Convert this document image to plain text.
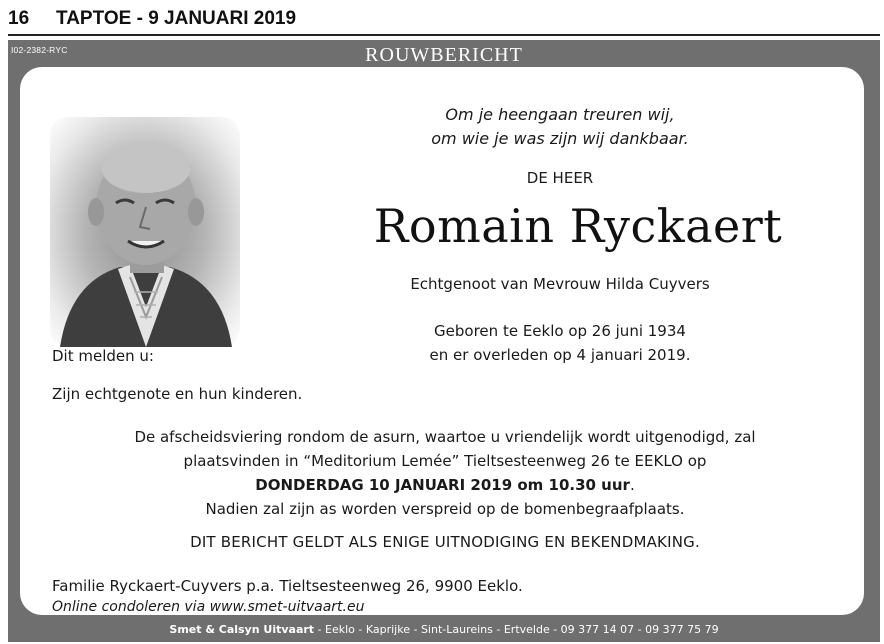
16 TAPTOE - 9 JANUARI 2019
I02-2382-RYC	ROUWBERICHT
Om je heengaan treuren wij,
om wie je was zijn wij dankbaar.
DE HEER
Romain Ryckaert
Echtgenoot van Mevrouw Hilda Cuyvers
Geboren te Eeklo op 26 juni 1934
en er overleden op 4 januari 2019.
Dit melden u:
Zijn echtgenote en hun kinderen.
De afscheidsviering rondom de asurn, waartoe u vriendelijk wordt uitgenodigd, zal
plaatsvinden in “Meditorium Lemée” Tieltsesteenweg 26 te EEKLO op
DONDERDAG 10 JANUARI 2019 om 10.30 uur.
Nadien zal zijn as worden verspreid op de bomenbegraafplaats.
DIT BERICHT GELDT ALS ENIGE UITNODIGING EN BEKENDMAKING.
Familie Ryckaert-Cuyvers p.a. Tieltsesteenweg 26, 9900 Eeklo.
Online condoleren via www.smet-uitvaart.eu
Smet & Calsyn Uitvaart - Eeklo - Kaprijke - Sint-Laureins - Ertvelde - 09 377 14 07 - 09 377 75 79
